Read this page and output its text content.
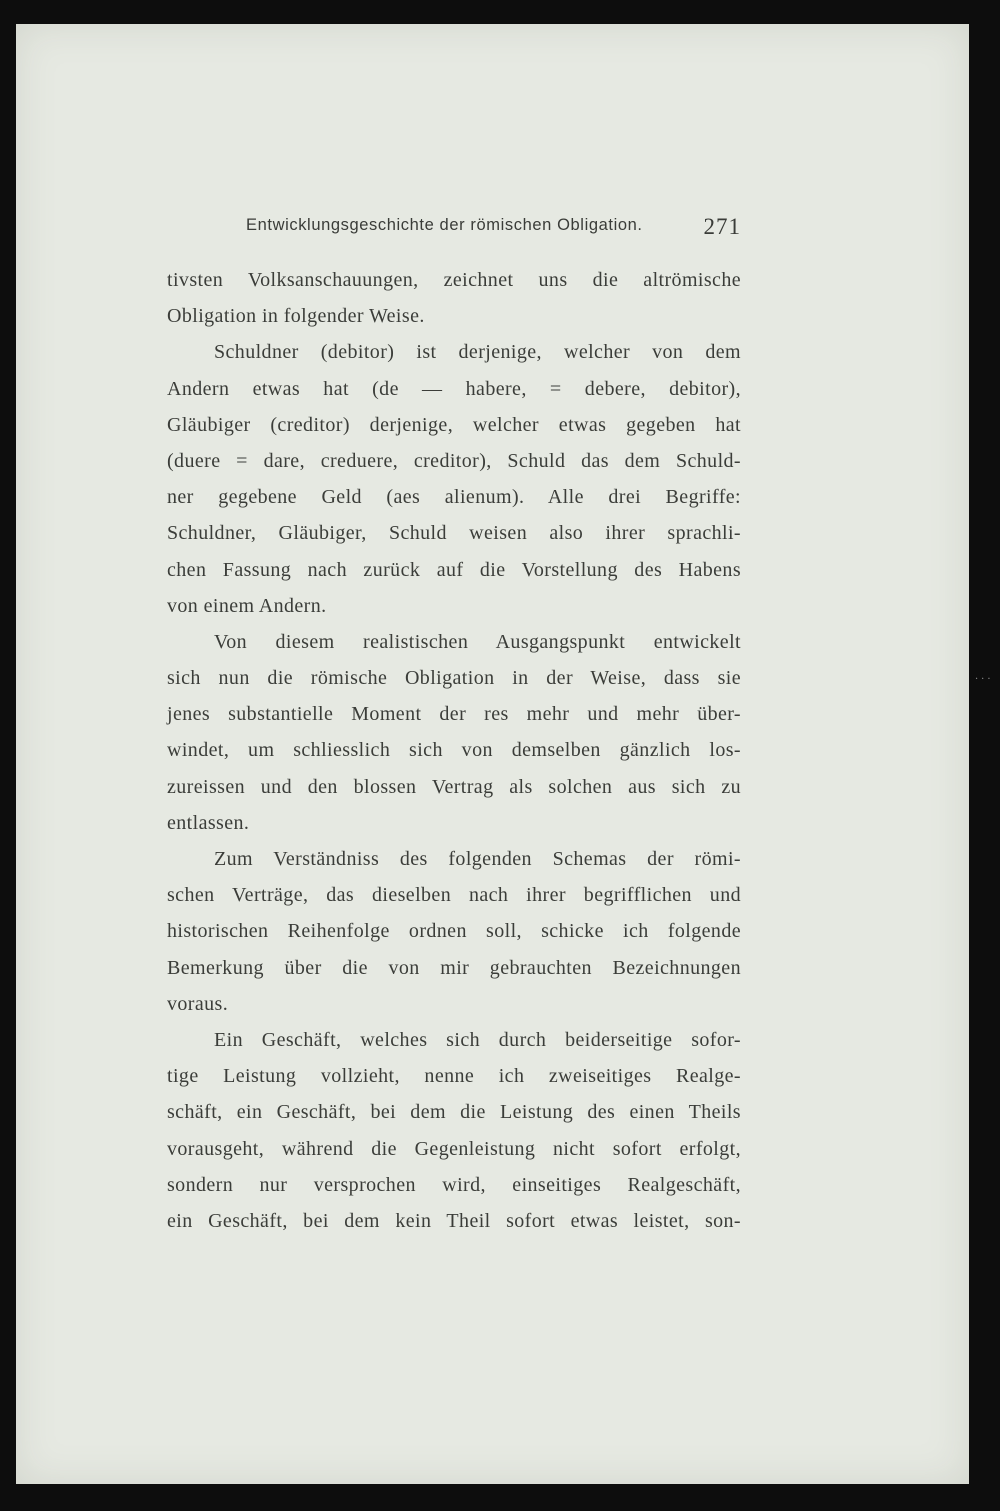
Entwicklungsgeschichte der römischen Obligation.	271
tivsten Volksanschauungen, zeichnet uns die altrömische
Obligation in folgender Weise.
Schuldner (debitor) ist derjenige, welcher von dem
Andern etwas hat (de — habere, = debere, debitor),
Gläubiger (creditor) derjenige, welcher etwas gegeben hat
(duere = dare, creduere, creditor), Schuld das dem Schuld-
ner gegebene Geld (aes alienum). Alle drei Begriffe:
Schuldner, Gläubiger, Schuld weisen also ihrer sprachli-
chen Fassung nach zurück auf die Vorstellung des Habens
von einem Andern.
Von diesem realistischen Ausgangspunkt entwickelt
sich nun die römische Obligation in der Weise, dass sie
jenes substantielle Moment der res mehr und mehr über-
windet, um schliesslich sich von demselben gänzlich los-
zureissen und den blossen Vertrag als solchen aus sich zu
entlassen.
Zum Verständniss des folgenden Schemas der römi-
schen Verträge, das dieselben nach ihrer begrifflichen und
historischen Reihenfolge ordnen soll, schicke ich folgende
Bemerkung über die von mir gebrauchten Bezeichnungen
voraus.
Ein Geschäft, welches sich durch beiderseitige sofor-
tige Leistung vollzieht, nenne ich zweiseitiges Realge-
schäft, ein Geschäft, bei dem die Leistung des einen Theils
vorausgeht, während die Gegenleistung nicht sofort erfolgt,
sondern nur versprochen wird, einseitiges Realgeschäft,
ein Geschäft, bei dem kein Theil sofort etwas leistet, son-
···
